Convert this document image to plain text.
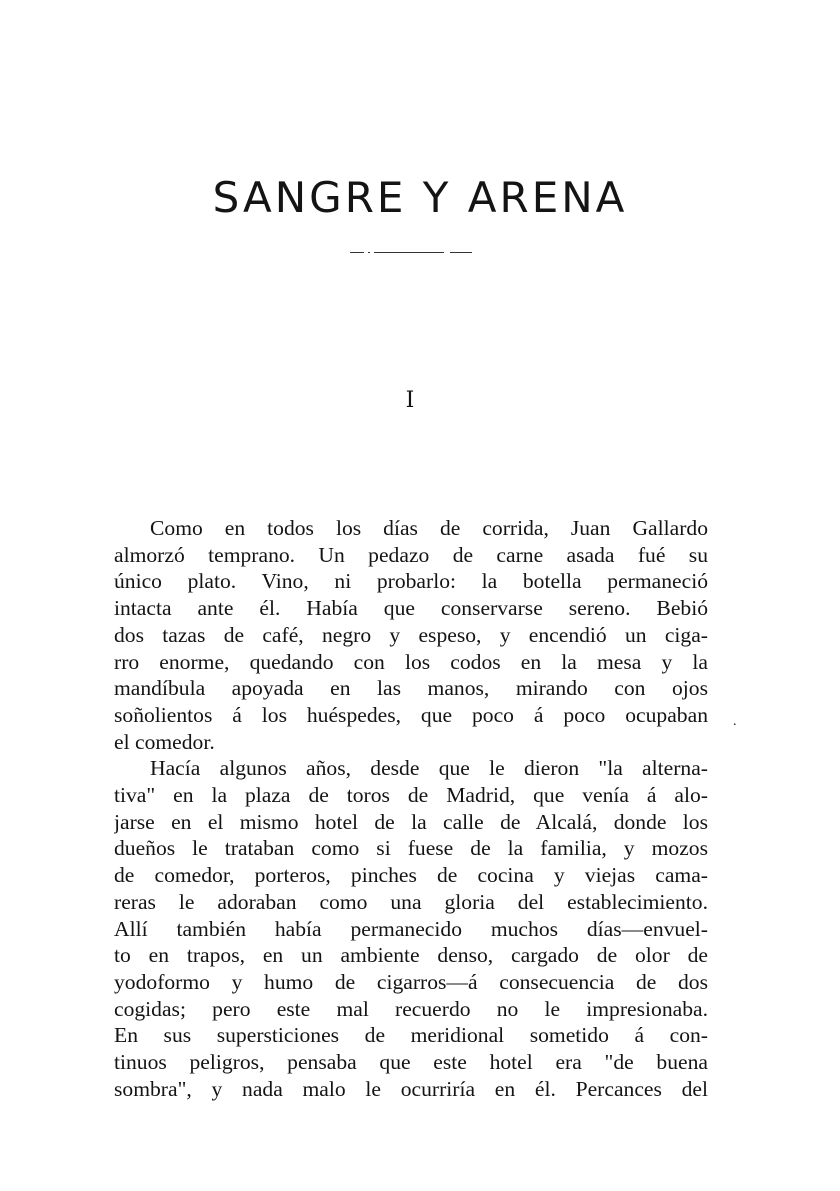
SANGRE Y ARENA
I
Como en todos los días de corrida, Juan Gallardo
almorzó temprano. Un pedazo de carne asada fué su
único plato. Vino, ni probarlo: la botella permaneció
intacta ante él. Había que conservarse sereno. Bebió
dos tazas de café, negro y espeso, y encendió un ciga-
rro enorme, quedando con los codos en la mesa y la
mandíbula apoyada en las manos, mirando con ojos
soñolientos á los huéspedes, que poco á poco ocupaban
el comedor.
Hacía algunos años, desde que le dieron "la alterna-
tiva" en la plaza de toros de Madrid, que venía á alo-
jarse en el mismo hotel de la calle de Alcalá, donde los
dueños le trataban como si fuese de la familia, y mozos
de comedor, porteros, pinches de cocina y viejas cama-
reras le adoraban como una gloria del establecimiento.
Allí también había permanecido muchos días—envuel-
to en trapos, en un ambiente denso, cargado de olor de
yodoformo y humo de cigarros—á consecuencia de dos
cogidas; pero este mal recuerdo no le impresionaba.
En sus supersticiones de meridional sometido á con-
tinuos peligros, pensaba que este hotel era "de buena
sombra", y nada malo le ocurriría en él. Percances del
.
